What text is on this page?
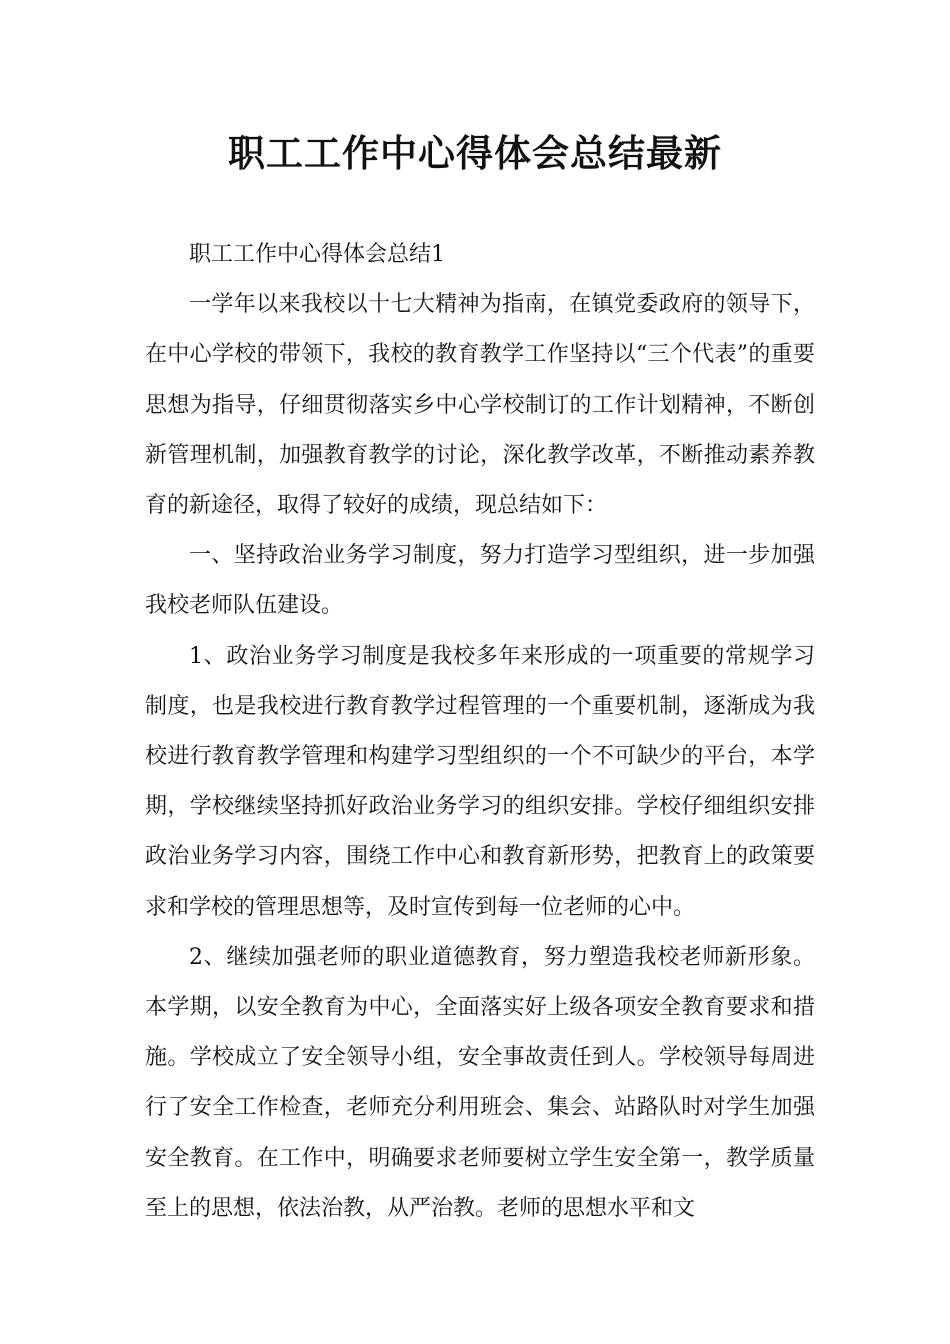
职工工作中心得体会总结最新

职工工作中心得体会总结1

一学年以来我校以十七大精神为指南，在镇党委政府的领导下，在中心学校的带领下，我校的教育教学工作坚持以“三个代表”的重要思想为指导，仔细贯彻落实乡中心学校制订的工作计划精神，不断创新管理机制，加强教育教学的讨论，深化教学改革，不断推动素养教育的新途径，取得了较好的成绩，现总结如下：

一、坚持政治业务学习制度，努力打造学习型组织，进一步加强我校老师队伍建设。

1、政治业务学习制度是我校多年来形成的一项重要的常规学习制度，也是我校进行教育教学过程管理的一个重要机制，逐渐成为我校进行教育教学管理和构建学习型组织的一个不可缺少的平台，本学期，学校继续坚持抓好政治业务学习的组织安排。学校仔细组织安排政治业务学习内容，围绕工作中心和教育新形势，把教育上的政策要求和学校的管理思想等，及时宣传到每一位老师的心中。

2、继续加强老师的职业道德教育，努力塑造我校老师新形象。本学期，以安全教育为中心，全面落实好上级各项安全教育要求和措施。学校成立了安全领导小组，安全事故责任到人。学校领导每周进行了安全工作检查，老师充分利用班会、集会、站路队时对学生加强安全教育。在工作中，明确要求老师要树立学生安全第一，教学质量至上的思想，依法治教，从严治教。老师的思想水平和文
